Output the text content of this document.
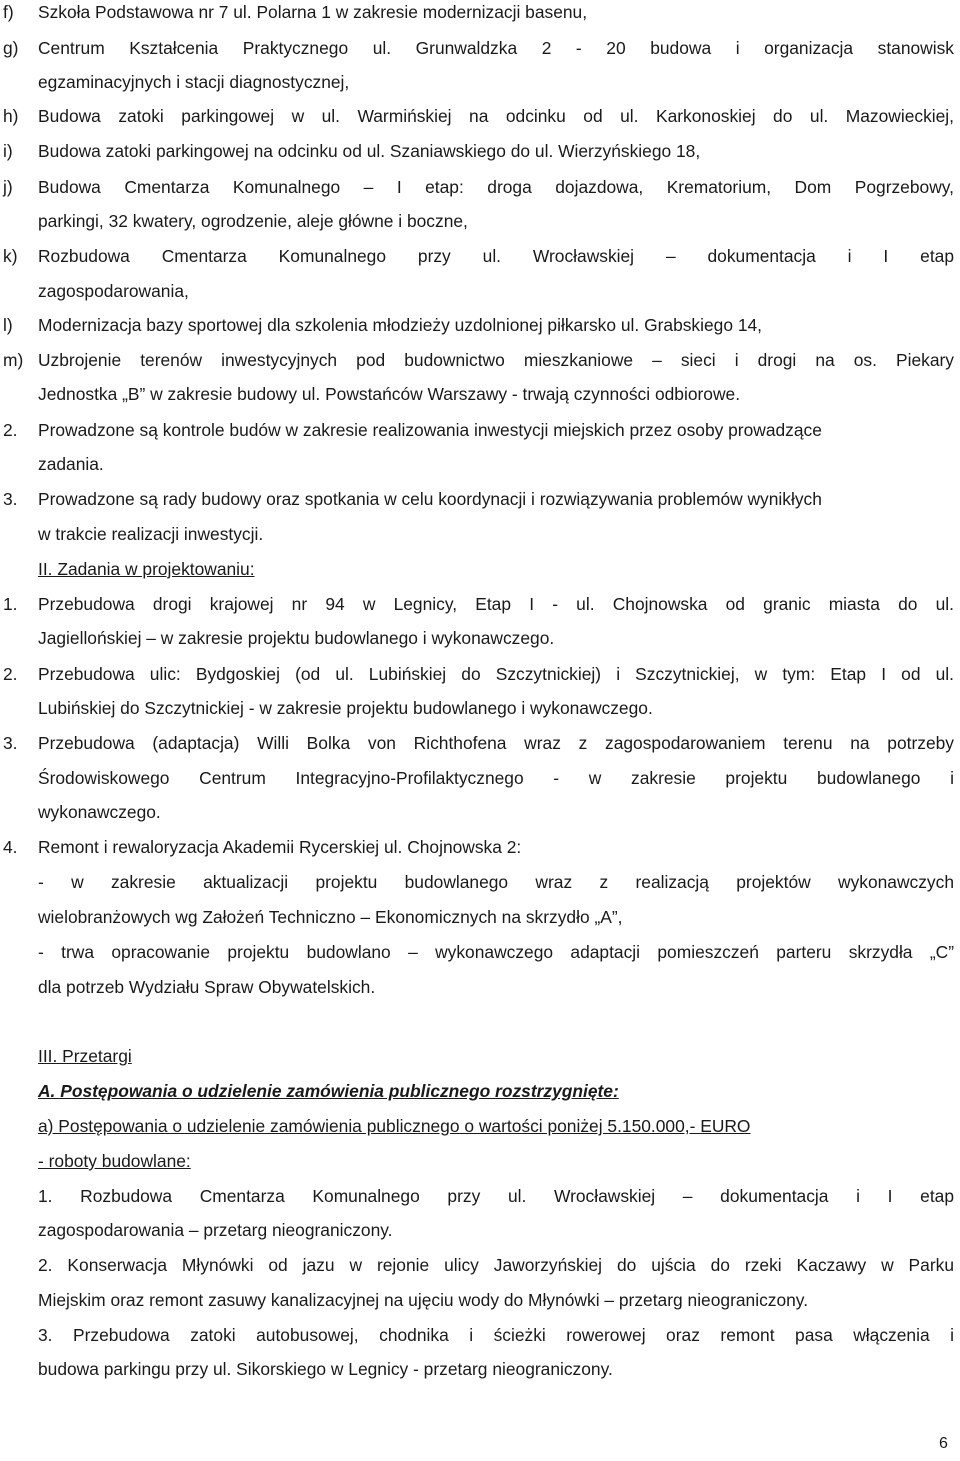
f) Szkoła Podstawowa nr 7 ul. Polarna 1 w zakresie modernizacji basenu,
g) Centrum Kształcenia Praktycznego ul. Grunwaldzka 2 - 20 budowa i organizacja stanowisk
egzaminacyjnych i stacji diagnostycznej,
h) Budowa zatoki parkingowej w ul. Warmińskiej na odcinku od ul. Karkonoskiej do ul. Mazowieckiej,
i) Budowa zatoki parkingowej na odcinku od ul. Szaniawskiego do ul. Wierzyńskiego 18,
j) Budowa Cmentarza Komunalnego – I etap: droga dojazdowa, Krematorium, Dom Pogrzebowy,
parkingi, 32 kwatery, ogrodzenie, aleje główne i boczne,
k) Rozbudowa Cmentarza Komunalnego przy ul. Wrocławskiej – dokumentacja i I etap
zagospodarowania,
l) Modernizacja bazy sportowej dla szkolenia młodzieży uzdolnionej piłkarsko ul. Grabskiego 14,
m) Uzbrojenie terenów inwestycyjnych pod budownictwo mieszkaniowe – sieci i drogi na os. Piekary
Jednostka „B” w zakresie budowy ul. Powstańców Warszawy - trwają czynności odbiorowe.
2. Prowadzone są kontrole budów w zakresie realizowania inwestycji miejskich przez osoby prowadzące
zadania.
3. Prowadzone są rady budowy oraz spotkania w celu koordynacji i rozwiązywania problemów wynikłych
w trakcie realizacji inwestycji.
II. Zadania w projektowaniu:
1. Przebudowa drogi krajowej nr 94 w Legnicy, Etap I - ul. Chojnowska od granic miasta do ul.
Jagiellońskiej – w zakresie projektu budowlanego i wykonawczego.
2. Przebudowa ulic: Bydgoskiej (od ul. Lubińskiej do Szczytnickiej) i Szczytnickiej, w tym: Etap I od ul.
Lubińskiej do Szczytnickiej - w zakresie projektu budowlanego i wykonawczego.
3. Przebudowa (adaptacja) Willi Bolka von Richthofena wraz z zagospodarowaniem terenu na potrzeby
Środowiskowego Centrum Integracyjno-Profilaktycznego - w zakresie projektu budowlanego i
wykonawczego.
4. Remont i rewaloryzacja Akademii Rycerskiej ul. Chojnowska 2:
- w zakresie aktualizacji projektu budowlanego wraz z realizacją projektów wykonawczych
wielobranżowych wg Założeń Techniczno – Ekonomicznych na skrzydło „A”,
- trwa opracowanie projektu budowlano – wykonawczego adaptacji pomieszczeń parteru skrzydła „C”
dla potrzeb Wydziału Spraw Obywatelskich.
III. Przetargi
A. Postępowania o udzielenie zamówienia publicznego rozstrzygnięte:
a) Postępowania o udzielenie zamówienia publicznego o wartości poniżej 5.150.000,- EURO
- roboty budowlane:
1. Rozbudowa Cmentarza Komunalnego przy ul. Wrocławskiej – dokumentacja i I etap
zagospodarowania – przetarg nieograniczony.
2. Konserwacja Młynówki od jazu w rejonie ulicy Jaworzyńskiej do ujścia do rzeki Kaczawy w Parku
Miejskim oraz remont zasuwy kanalizacyjnej na ujęciu wody do Młynówki – przetarg nieograniczony.
3. Przebudowa zatoki autobusowej, chodnika i ścieżki rowerowej oraz remont pasa włączenia i
budowa parkingu przy ul. Sikorskiego w Legnicy - przetarg nieograniczony.
6
